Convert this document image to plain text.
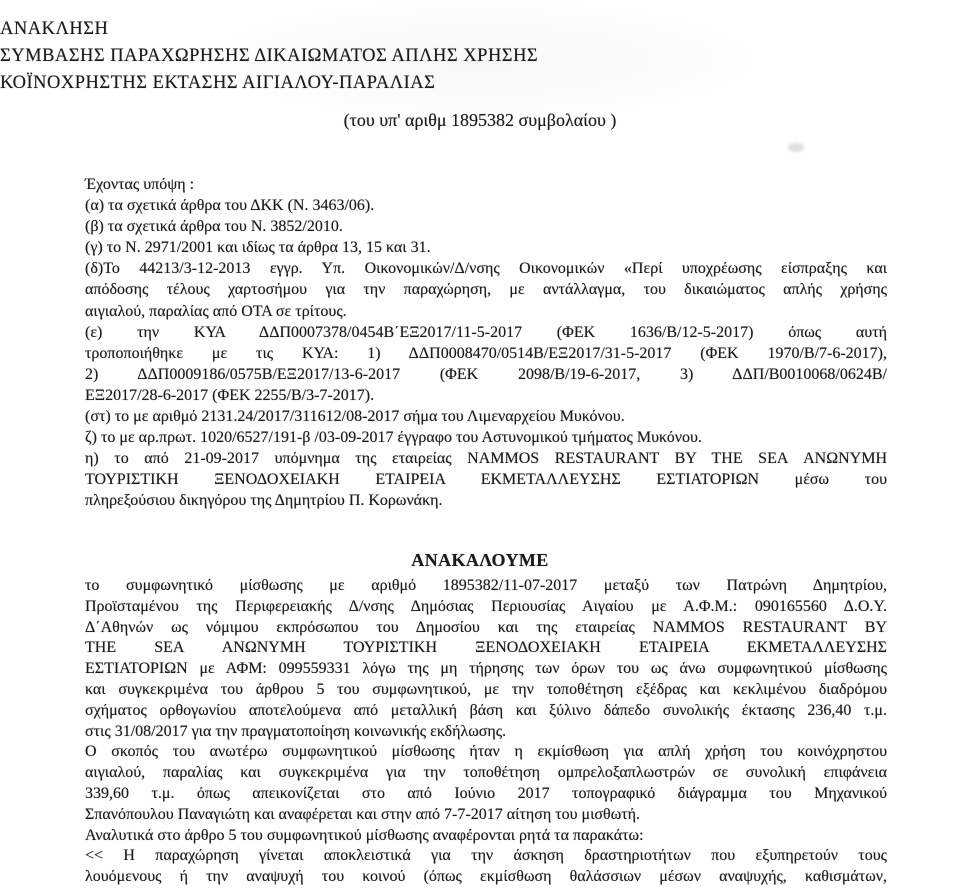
ΑΝΑΚΛΗΣΗ
ΣΥΜΒΑΣΗΣ ΠΑΡΑΧΩΡΗΣΗΣ ΔΙΚΑΙΩΜΑΤΟΣ ΑΠΛΗΣ ΧΡΗΣΗΣ
ΚΟΪΝΟΧΡΗΣΤΗΣ ΕΚΤΑΣΗΣ ΑΙΓΙΑΛΟΥ-ΠΑΡΑΛΙΑΣ
(του υπ' αριθμ 1895382 συμβολαίου )
Έχοντας υπόψη :
(α) τα σχετικά άρθρα του ΔΚΚ (Ν. 3463/06).
(β) τα σχετικά άρθρα του Ν. 3852/2010.
(γ) το Ν. 2971/2001 και ιδίως τα άρθρα 13, 15 και 31.
(δ)Το 44213/3-12-2013 εγγρ. Υπ. Οικονομικών/Δ/νσης Οικονομικών «Περί υποχρέωσης είσπραξης και
απόδοσης τέλους χαρτοσήμου για την παραχώρηση, με αντάλλαγμα, του δικαιώματος απλής χρήσης
αιγιαλού, παραλίας από ΟΤΑ σε τρίτους.
(ε) την ΚΥΑ ΔΔΠ0007378/0454Β΄ΕΞ2017/11-5-2017 (ΦΕΚ 1636/Β/12-5-2017) όπως αυτή
τροποποιήθηκε με τις ΚΥΑ: 1) ΔΔΠ0008470/0514Β/ΕΞ2017/31-5-2017 (ΦΕΚ 1970/Β/7-6-2017),
2) ΔΔΠ0009186/0575Β/ΕΞ2017/13-6-2017 (ΦΕΚ 2098/Β/19-6-2017, 3) ΔΔΠ/Β0010068/0624Β/
ΕΞ2017/28-6-2017 (ΦΕΚ 2255/Β/3-7-2017).
(στ) το με αριθμό 2131.24/2017/311612/08-2017 σήμα του Λιμεναρχείου Μυκόνου.
ζ) το με αρ.πρωτ. 1020/6527/191-β /03-09-2017 έγγραφο του Αστυνομικού τμήματος Μυκόνου.
η) το από 21-09-2017 υπόμνημα της εταιρείας NAMMOS RESTAURANT BY THE SEA ΑΝΩΝΥΜΗ
ΤΟΥΡΙΣΤΙΚΗ ΞΕΝΟΔΟΧΕΙΑΚΗ ΕΤΑΙΡΕΙΑ ΕΚΜΕΤΑΛΛΕΥΣΗΣ ΕΣΤΙΑΤΟΡΙΩΝ μέσω του
πληρεξούσιου δικηγόρου της Δημητρίου Π. Κορωνάκη.
ΑΝΑΚΑΛΟΥΜΕ
το συμφωνητικό μίσθωσης με αριθμό 1895382/11-07-2017 μεταξύ των Πατρώνη Δημητρίου,
Προϊσταμένου της Περιφερειακής Δ/νσης Δημόσιας Περιουσίας Αιγαίου με Α.Φ.Μ.: 090165560 Δ.Ο.Υ.
Δ΄Αθηνών ως νόμιμου εκπρόσωπου του Δημοσίου και της εταιρείας NAMMOS RESTAURANT BY
THE SEA ΑΝΩΝΥΜΗ ΤΟΥΡΙΣΤΙΚΗ ΞΕΝΟΔΟΧΕΙΑΚΗ ΕΤΑΙΡΕΙΑ ΕΚΜΕΤΑΛΛΕΥΣΗΣ
ΕΣΤΙΑΤΟΡΙΩΝ με ΑΦΜ: 099559331 λόγω της μη τήρησης των όρων του ως άνω συμφωνητικού μίσθωσης
και συγκεκριμένα του άρθρου 5 του συμφωνητικού, με την τοποθέτηση εξέδρας και κεκλιμένου διαδρόμου
σχήματος ορθογωνίου αποτελούμενα από μεταλλική βάση και ξύλινο δάπεδο συνολικής έκτασης 236,40 τ.μ.
στις 31/08/2017 για την πραγματοποίηση κοινωνικής εκδήλωσης.
Ο σκοπός του ανωτέρω συμφωνητικού μίσθωσης ήταν η εκμίσθωση για απλή χρήση του κοινόχρηστου
αιγιαλού, παραλίας και συγκεκριμένα για την τοποθέτηση ομπρελοξαπλωστρών σε συνολική επιφάνεια
339,60 τ.μ. όπως απεικονίζεται στο από Ιούνιο 2017 τοπογραφικό διάγραμμα του Μηχανικού
Σπανόπουλου Παναγιώτη και αναφέρεται και στην από 7-7-2017 αίτηση του μισθωτή.
Αναλυτικά στο άρθρο 5 του συμφωνητικού μίσθωσης αναφέρονται ρητά τα παρακάτω:
<< Η παραχώρηση γίνεται αποκλειστικά για την άσκηση δραστηριοτήτων που εξυπηρετούν τους
λουόμενους ή την αναψυχή του κοινού (όπως εκμίσθωση θαλάσσιων μέσων αναψυχής, καθισμάτων,
